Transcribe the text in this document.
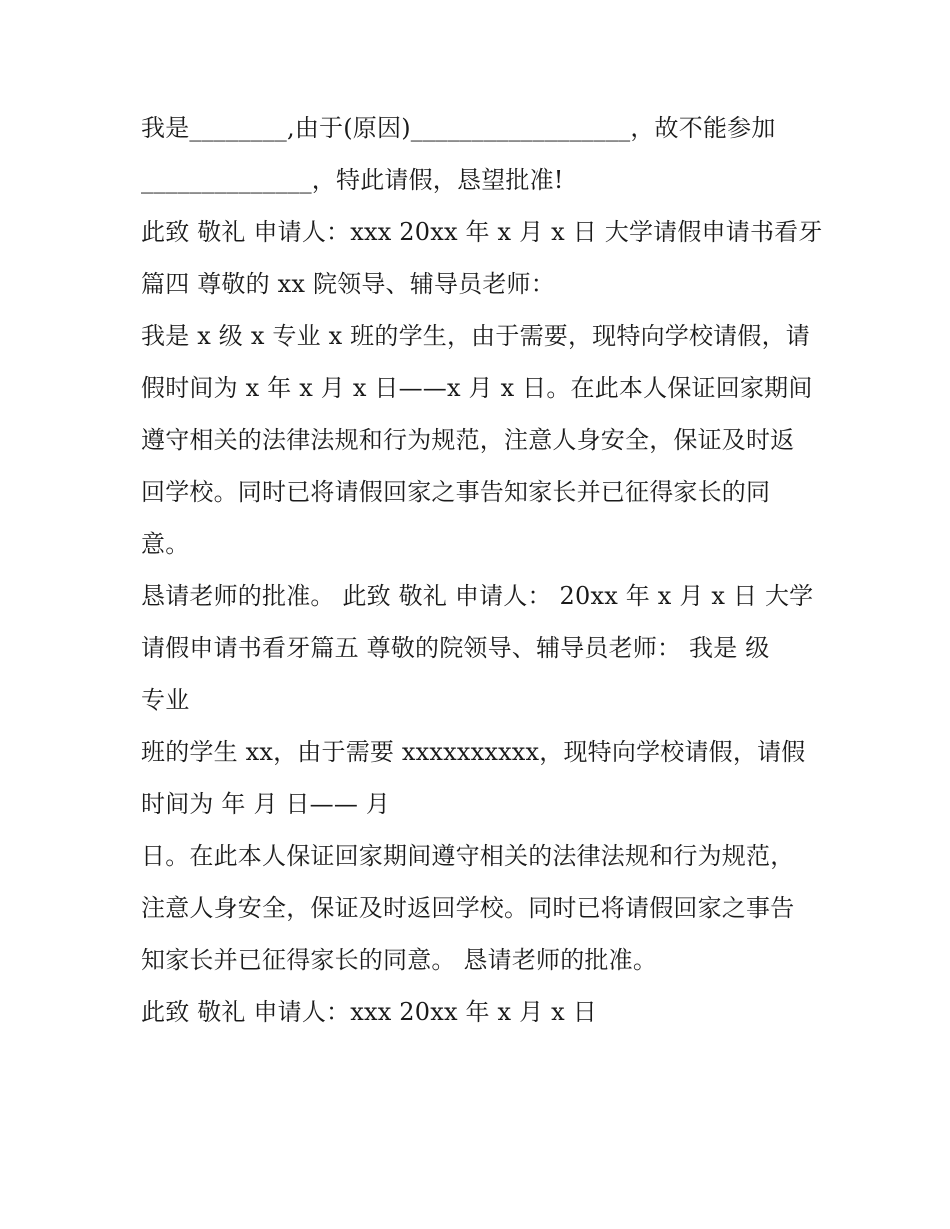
我是________,由于(原因)__________________，故不能参加
______________，特此请假，恳望批准!
此致 敬礼 申请人：xxx 20xx 年 x 月 x 日 大学请假申请书看牙
篇四 尊敬的 xx 院领导、辅导员老师：
我是 x 级 x 专业 x 班的学生，由于需要，现特向学校请假，请
假时间为 x 年 x 月 x 日——x 月 x 日。在此本人保证回家期间
遵守相关的法律法规和行为规范，注意人身安全，保证及时返
回学校。同时已将请假回家之事告知家长并已征得家长的同
意。
恳请老师的批准。 此致 敬礼 申请人： 20xx 年 x 月 x 日 大学
请假申请书看牙篇五 尊敬的院领导、辅导员老师： 我是 级
专业
班的学生 xx，由于需要 xxxxxxxxxx，现特向学校请假，请假
时间为 年 月 日—— 月
日。在此本人保证回家期间遵守相关的法律法规和行为规范，
注意人身安全，保证及时返回学校。同时已将请假回家之事告
知家长并已征得家长的同意。 恳请老师的批准。
此致 敬礼 申请人：xxx 20xx 年 x 月 x 日
